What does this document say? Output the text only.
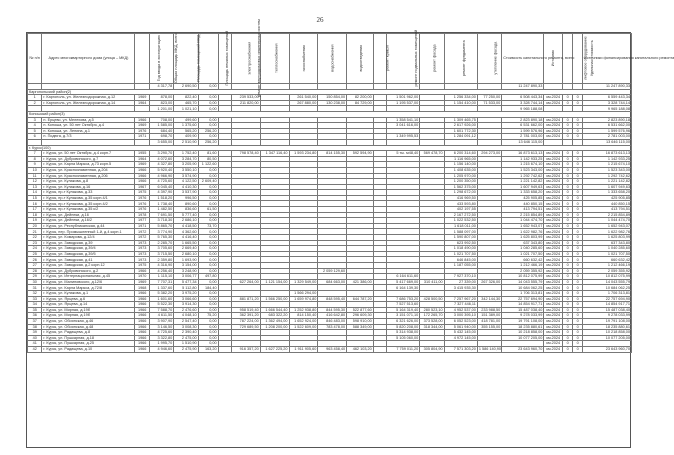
26
№ п/п	Адрес многоквартирного дома (улица – МКД)	Год ввода в эксплуатацию	Общая площадь МКД, всего	Площадь помещений МКД	Площадь нежилых помещений	ремонт внутридомовых инженерных систем	электроснабжения	теплоснабжения	газоснабжения	водоснабжения	водоотведения	ремонт крыши	ремонт подвальных помещений	ремонт фасада	ремонт фундамента	утепление фасада	Стоимость капитального ремонта, всего	Источник	лифтовое оборудование	Удельная стоимость	Источники финансирования капитального ремонта
			4 317,78	2 690,50	0,00												11 247 890,33				11 247 890,33
Каргопольский район(2)																					
1	г. Каргополь, ул. Железнодорожная, д.12	1969	878,00	822,40	0,00		239 533,00		261 540,00	150 854,00	82 200,00		1 501 962,00		1 256 334,00	77 250,00	6 508 443,34	км.2024	0	0	6 559 443,34
2	г. Каргополь, ул. Железнодорожная, д.14	1964	823,00	465,70	0,00		211 820,00		267 880,00	130 238,00	84 729,00		1 195 537,00		1 154 410,00	71 533,00	3 328 744,14	км.2024	0	0	3 328 744,14
			1 201,00	1 021,10	0,00												9 965 188,08				9 965 188,08
Коношский район(3)																					
3	п. Ерцево, ул. Мелехова, д.5	1966	708,00	499,60	0,00								1 358 541,10		1 309 465,75		2 823 890,18	км.2024	0	0	2 823 890,18
4	п. Коношa, ул. 50 лет Октября, д.4	1969	1 585,00	1 375,60	0,00								3 041 616,00		2 617 926,00		6 531 662,00	км.2024	0	0	6 531 662,00
5	п. Коношa, ул. Ленина, д.1	1976	684,40	565,20	256,20										1 601 772,30		1 599 576,96	км.2024	0	0	1 599 576,96
6	п. Подюга, д.7/3	1971	698,70	409,90	0,00								1 349 995,53		1 284 091,12		2 781 003,00	км.2024	0	0	2 781 003,00
			3 655,00	2 510,90	256,20												13 646 115,00				13 646 115,00
г. Курск(100)																					
7	г. Курск, ул. 50 лет Октября, д.4 корп.7	1955	3 290,70	1 752,40	81,60		798 578,40	1 347 116,40	1 593 234,80	814 155,30	592 594,90		5 ты. м48,40	569 478,70	6 200 314,60	294 273,00	16 873 613,13	км.2024	0	0	16 873 613,13
8	г. Курск, ул. Дубровинского, д.7	1964	4 072,60	3 284,70	80,50										1 116 965,00		1 142 933,25	км.2024	0	0	1 142 933,25
9	г. Курск, ул. Карла Маркса, д.73 корп.5	1969	4 327,80	3 205,90	1 122,60										1 156 140,00		1 215 674,10	км.2024	0	0	1 215 674,10
10	г. Курск, ул. Краснознаменная, д.204	1966	5 920,40	3 550,10	0,00										1 408 635,00		1 523 343,00	км.2024	0	0	1 523 343,00
11	г. Курск, ул. Краснознаменная, д.206	1966	4 966,90	3 574,90	0,00										1 205 970,00		1 292 742,62	км.2024	0	0	1 292 742,62
12	г. Курск, ул. Кулакова, д.8	1966	4 725,60	4 122,50	2 609,40										1 200 350,00		1 221 142,82	км.2024	0	0	1 221 142,82
13	г. Курск, ул. Кулакова, д.16	1967	6 045,40	4 410,30	0,00										1 562 375,00		1 607 949,63	км.2024	0	0	1 607 949,63
14	г. Курск, пр-т Кулакова, д.33	1975	4 397,90	3 537,90	0,00										1 298 672,00		1 333 658,20	км.2024	0	0	1 333 658,20
15	г. Курск, пр-т Кулакова, д.35 корп.4/1	1976	1 518,20	996,50	0,00										416 969,50		425 905,85	км.2024	0	0	425 905,85
16	г. Курск, пр-т Кулакова, д.35 корп.4/2	1976	1 738,40	890,60	0,00										433 593,80		440 850,15	км.2024	0	0	440 850,15
17	г. Курск, пр-т Кулакова, д.35 к/2	1976	1 482,50	836,60	61,50										402 197,55		413 794,51	км.2024	0	0	413 794,51
18	г. Курск, ул. Дейнеки, д.16	1978	7 691,50	5 777,40	0,00										2 167 272,50		2 215 854,89	км.2024	0	0	2 215 854,89
19	г. Курск, ул. Дейнеки, д.16/2	1977	3 718,30	2 686,10	0,00										1 022 532,50		1 044 474,70	км.2024	0	0	1 044 474,70
20	г. Курск, ул. Республиканская, д.44	1971	5 865,70	4 418,50	73,70										1 618 011,00		1 652 943,07	км.2024	0	0	1 652 943,07
21	г. Курск, пер. Промышленный 1-й, д.4 корп.1	1972	3 774,90	4 362,60	0,00										1 588 097,00		1 622 982,76	км.2024	0	0	1 622 982,76
22	г. Курск, ул. Комарова, д.12/4	1972	5 765,30	4 416,40	0,00										1 590 807,00		1 625 803,99	км.2024	0	0	1 625 803,99
23	г. Курск, ул. Заводская, д.39	1973	2 285,70	1 665,50	0,00										623 992,50		637 343,80	км.2024	0	0	637 343,80
24	г. Курск, ул. Заводская, д.39/4	1973	3 705,60	2 669,40	0,00										1 018 490,00		1 040 285,60	км.2024	0	0	1 040 285,60
25	г. Курск, ул. Заводская, д.39/5	1973	3 715,50	2 680,10	0,00										1 021 707,50		1 021 707,50	км.2024	0	0	1 021 707,50
26	г. Курск, ул. Заводская, д.41	1973	2 359,80	1 693,90	0,00										646 845,00		660 632,42	км.2024	0	0	660 632,42
27	г. Курск, ул. Заводская, д.2 корп.12	1975	4 316,90	3 154,00	0,00										1 187 055,00		1 212 466,19	км.2024	0	0	1 212 466,19
28	г. Курск, ул. Дубровинского, д.2	1966	4 256,40	3 248,90	0,00					2 059 129,60							2 059 355,92	км.2024	0	0	2 059 355,92
29	г. Курск, ул. Интернациональная, д.45	1970	1 115,10	3 006,77	497,80								6 164 611,60		7 927 370,10		10 812 075,99	км.2024	0	0	10 812 075,99
30	г. Курск, ул. Малиновского, д.12/6	1969	7 707,31	5 477,34	0,00		627 264,00	1 121 154,00	1 329 549,00	684 663,00	421 386,00		5 417 669,00	310 411,00	27 339,00	267 326,00	14 043 555,79	км.2024	0	0	14 043 555,79
31	г. Курск, ул. Карла Маркса, д.72/8	1968	1 337,60	5 112,80	184,40								6 164 139,30		3 415 935,30		10 684 062,25	км.2024	0	0	10 684 062,25
32	г. Курск, ул. Кулакова, д.1	1966	5 382,20	3 975,20	0,00				1 566 294,00								1 706 313,81	км.2024	0	0	1 706 313,81
33	г. Курск, ул. Ярцева, д.6	1966	1 601,60	3 066,60	0,00		881 871,20	1 566 250,00	1 659 974,80	848 595,40	644 787,20		7 686 753,20	428 500,50	7 257 967,20	342 144,30	22 757 694,90	км.2024	0	0	22 757 694,90
34	г. Курск, ул. Ярцева, д.14	1966	5 522,30	3 914,30	0,00								7 527 513,60		7 327 446,11		14 854 917,71	км.2024	0	0	14 854 917,71
35	г. Курск, ул. Мирная, д.19б	1966	7 588,70	2 476,60	0,00		958 519,40	1 666 544,40	1 252 938,80	844 595,30	522 877,60		5 164 319,40	280 523,10	4 952 537,00	233 988,50	15 487 038,40	км.2024	0	0	15 487 038,40
36	г. Курск, ул. Мирная, д.19б	1966	4 611,50	4 048,10	75,20		362 391,20	683 322,20	814 150,40	416 642,80	296 609,30		3 151 071,10	172 265,70	3 000 395,10	151 389,00	9 278 033,99	км.2024	0	0	9 278 033,99
37	г. Курск, ул. Обоянская, д.46	1966	3 907,90	2 547,40	0,00		787 224,00	1 362 494,00	1 652 924,00	846 483,00	598 910,00		6 321 626,00	373 528,00	6 052 523,00	418 781,00	19 791 108,00	км.2024	0	0	19 791 108,00
38	г. Курск, ул. Обоянская, д.48	1966	3 146,50	3 008,30	0,00		729 689,50	1 208 200,00	1 522 609,00	783 478,00	588 349,00		5 820 208,00	318 344,00	5 061 940,00	355 155,00	18 235 880,61	км.2024	0	0	18 235 880,61
39	г. Курск, ул. Радищева, д.8	1966	4 725,60	2 390,40	0,00								5 314 938,00		5 432 145,00		10 218 858,00	км.2024	0	0	10 218 858,00
40	г. Курск, ул. Пушкарная, д.18	1966	3 322,80	2 475,00	0,00								5 105 060,00		4 972 145,00		10 077 205,00	км.2024	0	0	10 077 205,00
41	г. Курск, ул. Пушкарная, д.25	1966	1 995,70	1 510,90	0,00													км.2024	0	0	
42	г. Курск, ул. Радищева, д.10	1966	4 946,60	2 475,90	163,20		916 357,20	1 627 225,20	1 911 905,60	963 458,40	462 103,20		7 759 011,20	305 804,90	7 571 303,20	1 586 140,90	23 643 960,70	км.2024	0	0	23 643 960,70
